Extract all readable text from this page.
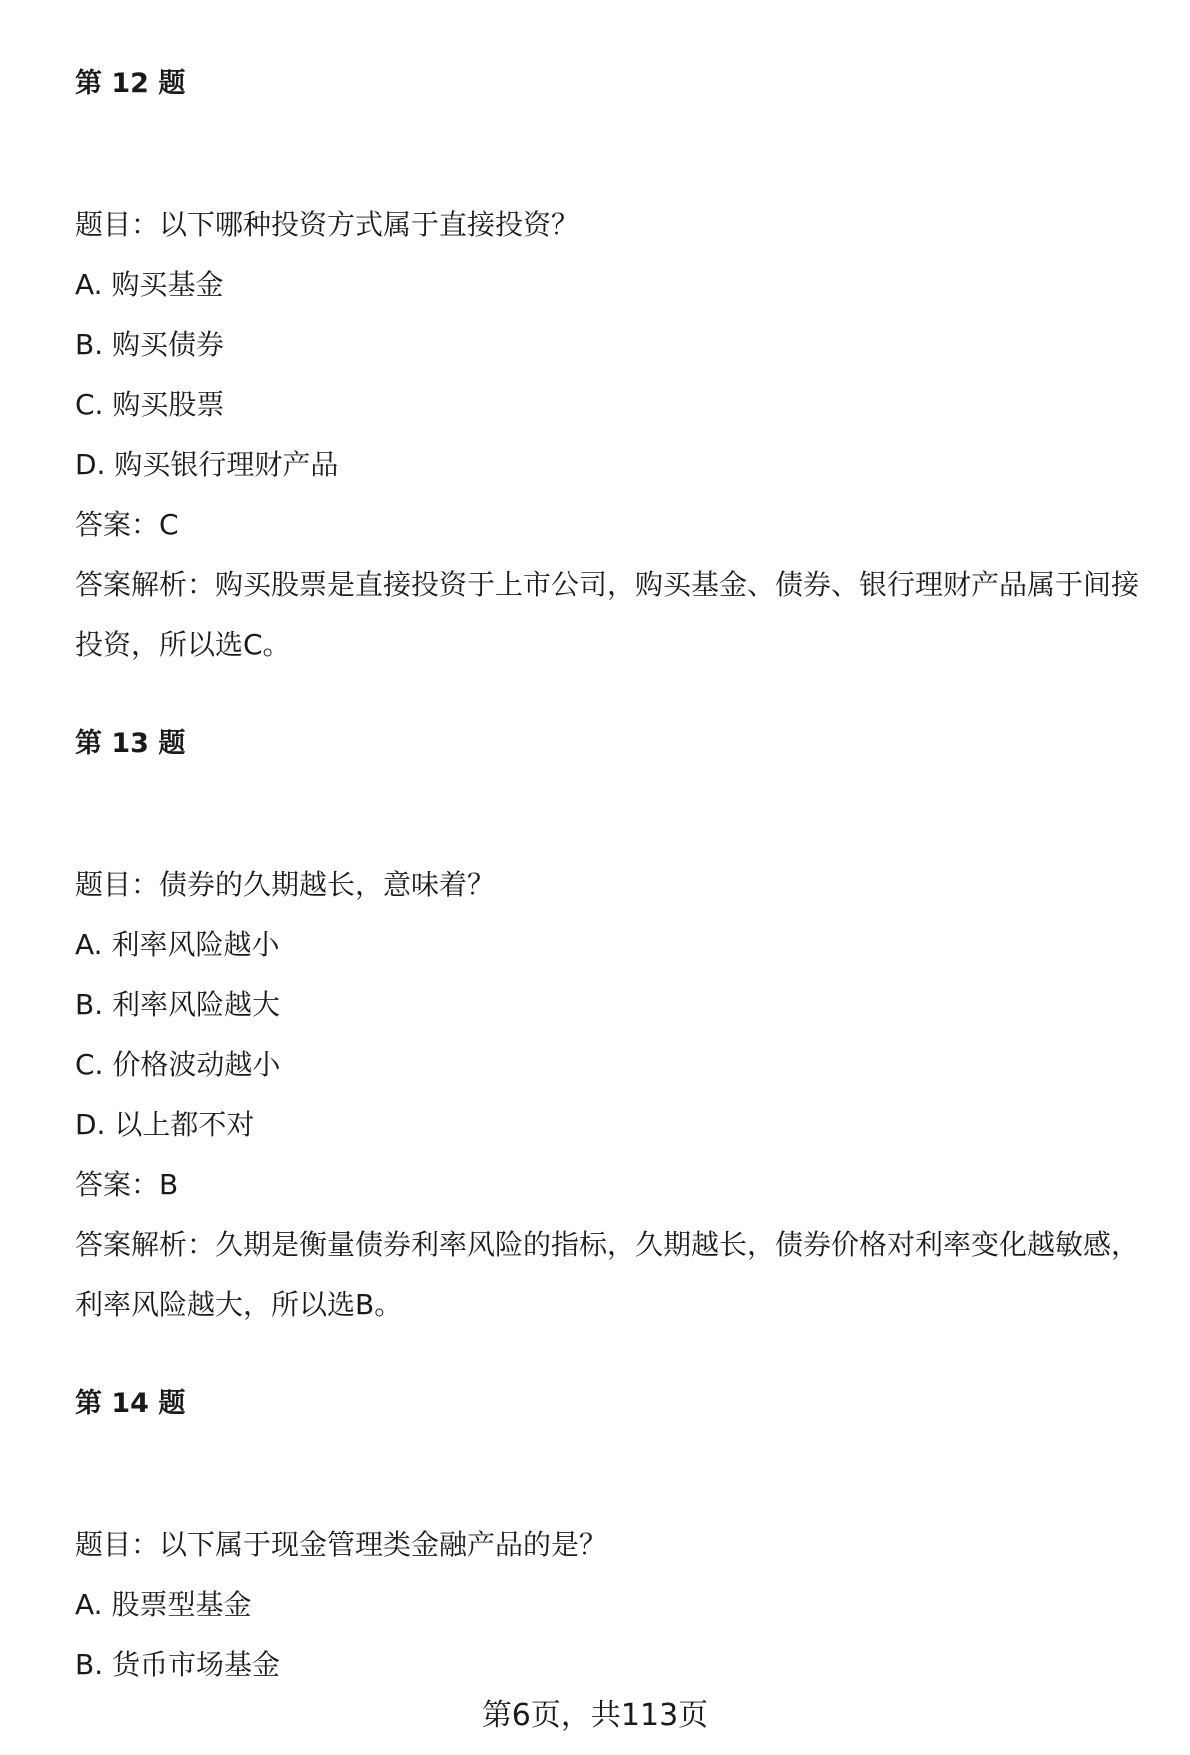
第 12 题

题目：以下哪种投资方式属于直接投资？

A. 购买基金

B. 购买债券

C. 购买股票

D. 购买银行理财产品

答案：C

答案解析：购买股票是直接投资于上市公司，购买基金、债券、银行理财产品属于间接投资，所以选C。

第 13 题

题目：债券的久期越长，意味着？

A. 利率风险越小

B. 利率风险越大

C. 价格波动越小

D. 以上都不对

答案：B

答案解析：久期是衡量债券利率风险的指标，久期越长，债券价格对利率变化越敏感，利率风险越大，所以选B。

第 14 题

题目：以下属于现金管理类金融产品的是？

A. 股票型基金

B. 货币市场基金

第6页，共113页
